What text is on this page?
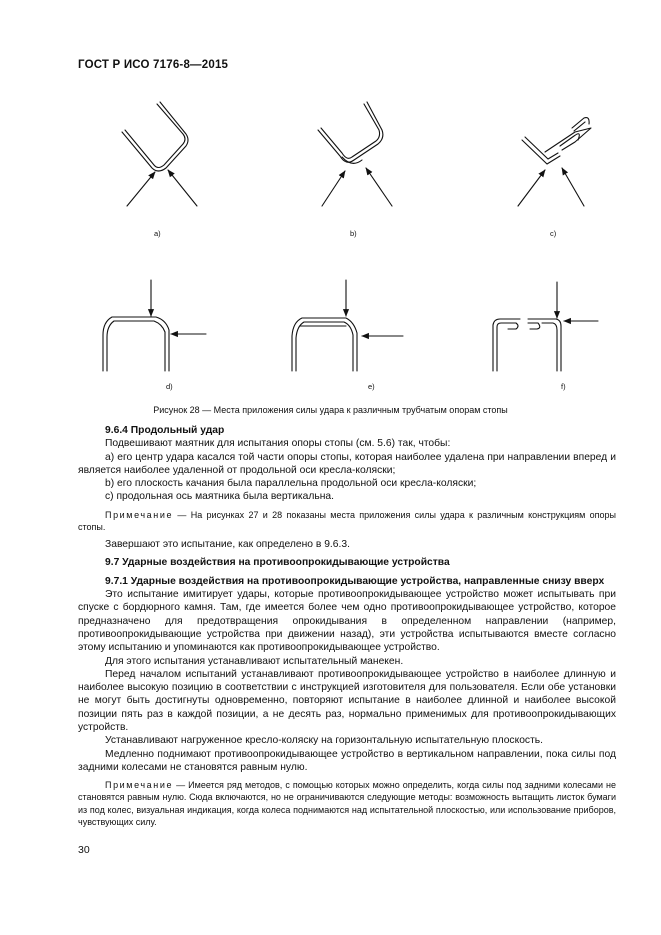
ГОСТ Р ИСО 7176-8—2015
a)	b)	c)
d)	e)	f)
Рисунок 28 — Места приложения силы удара к различным трубчатым опорам стопы

9.6.4 Продольный удар

Подвешивают маятник для испытания опоры стопы (см. 5.6) так, чтобы:

a) его центр удара касался той части опоры стопы, которая наиболее удалена при направлении вперед и является наиболее удаленной от продольной оси кресла-коляски;

b) его плоскость качания была параллельна продольной оси кресла-коляски;

c) продольная ось маятника была вертикальна.

Примечание — На рисунках 27 и 28 показаны места приложения силы удара к различным конструкциям опоры стопы.

Завершают это испытание, как определено в 9.6.3.

9.7 Ударные воздействия на противоопрокидывающие устройства

9.7.1 Ударные воздействия на противоопрокидывающие устройства, направленные снизу вверх

Это испытание имитирует удары, которые противоопрокидывающее устройство может испытывать при спуске с бордюрного камня. Там, где имеется более чем одно противоопрокидывающее устройство, которое предназначено для предотвращения опрокидывания в определенном направлении (например, противоопрокидывающие устройства при движении назад), эти устройства испытываются вместе согласно этому испытанию и упоминаются как противоопрокидывающее устройство.

Для этого испытания устанавливают испытательный манекен.

Перед началом испытаний устанавливают противоопрокидывающее устройство в наиболее длинную и наиболее высокую позицию в соответствии с инструкцией изготовителя для пользователя. Если обе установки не могут быть достигнуты одновременно, повторяют испытание в наиболее длинной и наиболее высокой позиции пять раз в каждой позиции, а не десять раз, нормально применимых для противоопрокидывающих устройств.

Устанавливают нагруженное кресло-коляску на горизонтальную испытательную плоскость.

Медленно поднимают противоопрокидывающее устройство в вертикальном направлении, пока силы под задними колесами не становятся равным нулю.

Примечание — Имеется ряд методов, с помощью которых можно определить, когда силы под задними колесами не становятся равным нулю. Сюда включаются, но не ограничиваются следующие методы: возможность вытащить листок бумаги из под колес, визуальная индикация, когда колеса поднимаются над испытательной плоскостью, или использование приборов, чувствующих силу.

30
